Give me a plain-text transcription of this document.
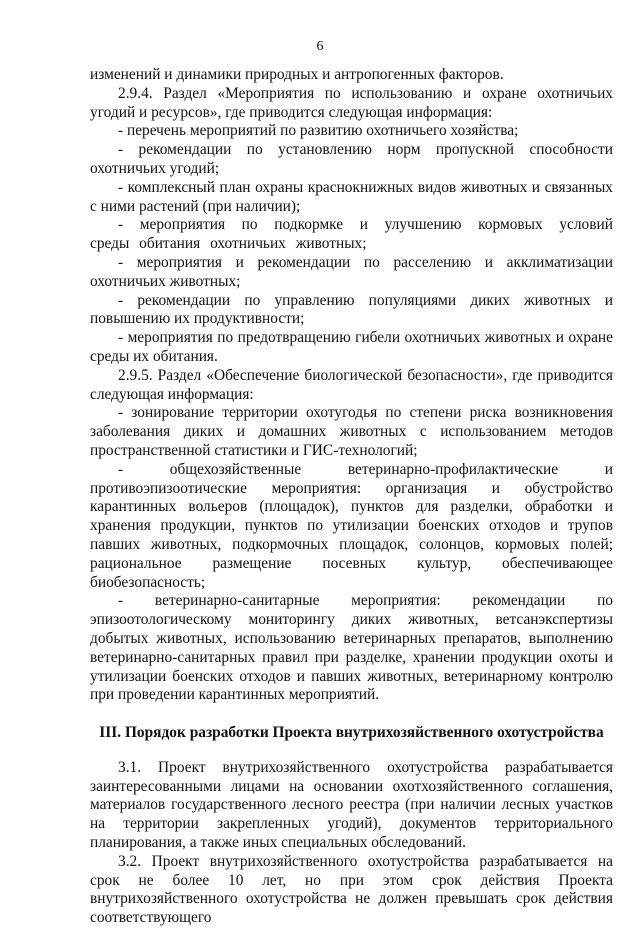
6

изменений и динамики природных и антропогенных факторов.

2.9.4. Раздел «Мероприятия по использованию и охране охотничьих угодий и ресурсов», где приводится следующая информация:

- перечень мероприятий по развитию охотничьего хозяйства;

- рекомендации по установлению норм пропускной способности охотничьих угодий;

- комплексный план охраны краснокнижных видов животных и связанных с ними растений (при наличии);

- мероприятия по подкормке и улучшению кормовых условий среды обитания охотничьих животных;

- мероприятия и рекомендации по расселению и акклиматизации охотничьих животных;

- рекомендации по управлению популяциями диких животных и повышению их продуктивности;

- мероприятия по предотвращению гибели охотничьих животных и охране среды их обитания.

2.9.5. Раздел «Обеспечение биологической безопасности», где приводится следующая информация:

- зонирование территории охотугодья по степени риска возникновения заболевания диких и домашних животных с использованием методов пространственной статистики и ГИС-технологий;

- общехозяйственные ветеринарно-профилактические и противоэпизоотические мероприятия: организация и обустройство карантинных вольеров (площадок), пунктов для разделки, обработки и хранения продукции, пунктов по утилизации боенских отходов и трупов павших животных, подкормочных площадок, солонцов, кормовых полей; рациональное размещение посевных культур, обеспечивающее биобезопасность;

- ветеринарно-санитарные мероприятия: рекомендации по эпизоотологическому мониторингу диких животных, ветсанэкспертизы добытых животных, использованию ветеринарных препаратов, выполнению ветеринарно-санитарных правил при разделке, хранении продукции охоты и утилизации боенских отходов и павших животных, ветеринарному контролю при проведении карантинных мероприятий.

III. Порядок разработки Проекта внутрихозяйственного охотустройства

3.1. Проект внутрихозяйственного охотустройства разрабатывается заинтересованными лицами на основании охотхозяйственного соглашения, материалов государственного лесного реестра (при наличии лесных участков на территории закрепленных угодий), документов территориального планирования, а также иных специальных обследований.

3.2. Проект внутрихозяйственного охотустройства разрабатывается на срок не более 10 лет, но при этом срок действия Проекта внутрихозяйственного охотустройства не должен превышать срок действия соответствующего
